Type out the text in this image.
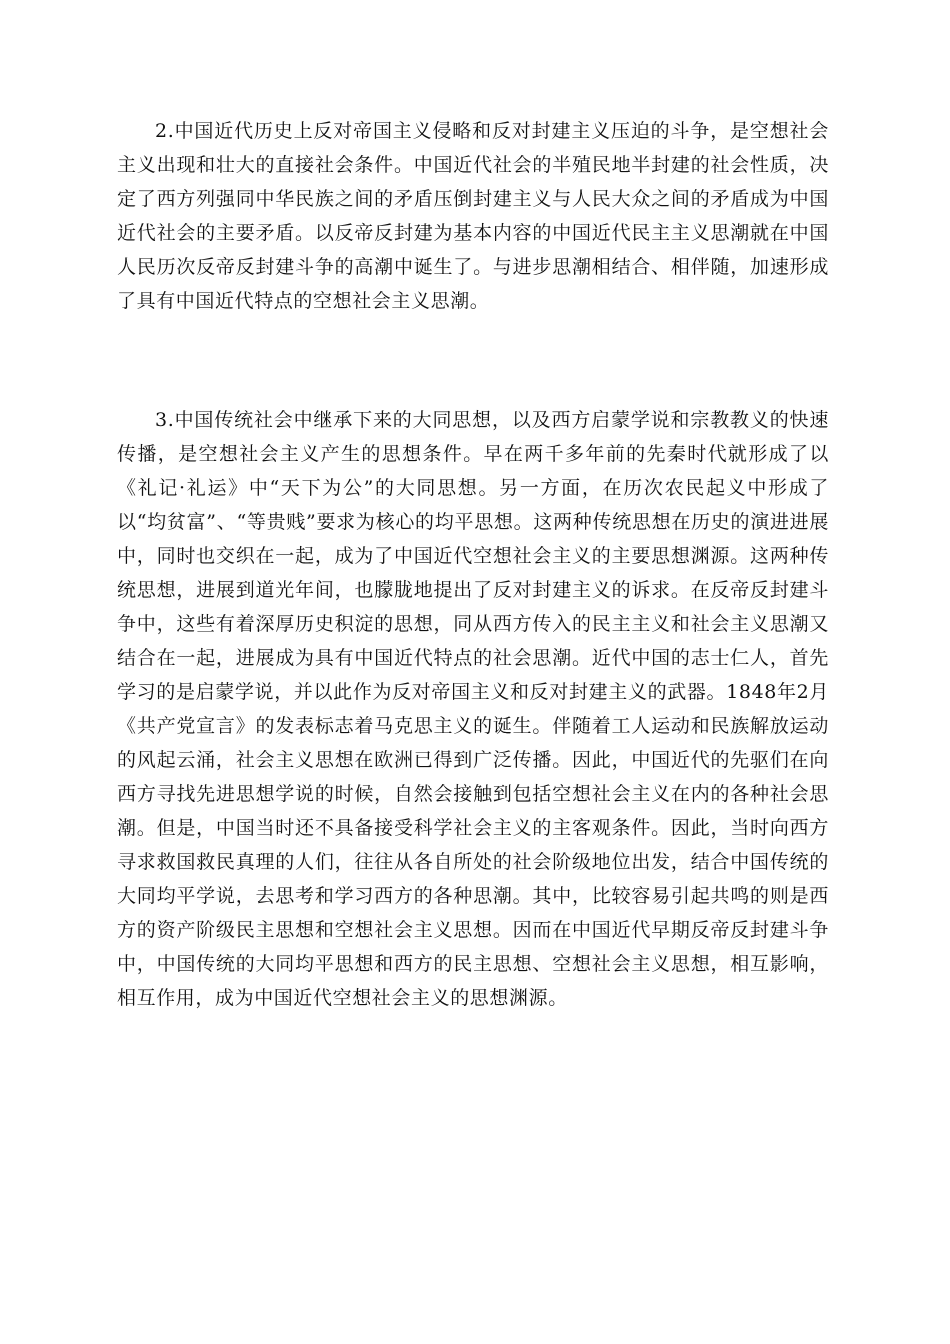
2.中国近代历史上反对帝国主义侵略和反对封建主义压迫的斗争，是空想社会主义出现和壮大的直接社会条件。中国近代社会的半殖民地半封建的社会性质，决定了西方列强同中华民族之间的矛盾压倒封建主义与人民大众之间的矛盾成为中国近代社会的主要矛盾。以反帝反封建为基本内容的中国近代民主主义思潮就在中国人民历次反帝反封建斗争的高潮中诞生了。与进步思潮相结合、相伴随，加速形成了具有中国近代特点的空想社会主义思潮。

3.中国传统社会中继承下来的大同思想，以及西方启蒙学说和宗教教义的快速传播，是空想社会主义产生的思想条件。早在两千多年前的先秦时代就形成了以《礼记·礼运》中“天下为公”的大同思想。另一方面，在历次农民起义中形成了以“均贫富”、“等贵贱”要求为核心的均平思想。这两种传统思想在历史的演进进展中，同时也交织在一起，成为了中国近代空想社会主义的主要思想渊源。这两种传统思想，进展到道光年间，也朦胧地提出了反对封建主义的诉求。在反帝反封建斗争中，这些有着深厚历史积淀的思想，同从西方传入的民主主义和社会主义思潮又结合在一起，进展成为具有中国近代特点的社会思潮。近代中国的志士仁人，首先学习的是启蒙学说，并以此作为反对帝国主义和反对封建主义的武器。1848年2月《共产党宣言》的发表标志着马克思主义的诞生。伴随着工人运动和民族解放运动的风起云涌，社会主义思想在欧洲已得到广泛传播。因此，中国近代的先驱们在向西方寻找先进思想学说的时候，自然会接触到包括空想社会主义在内的各种社会思潮。但是，中国当时还不具备接受科学社会主义的主客观条件。因此，当时向西方寻求救国救民真理的人们，往往从各自所处的社会阶级地位出发，结合中国传统的大同均平学说，去思考和学习西方的各种思潮。其中，比较容易引起共鸣的则是西方的资产阶级民主思想和空想社会主义思想。因而在中国近代早期反帝反封建斗争中，中国传统的大同均平思想和西方的民主思想、空想社会主义思想，相互影响，相互作用，成为中国近代空想社会主义的思想渊源。
